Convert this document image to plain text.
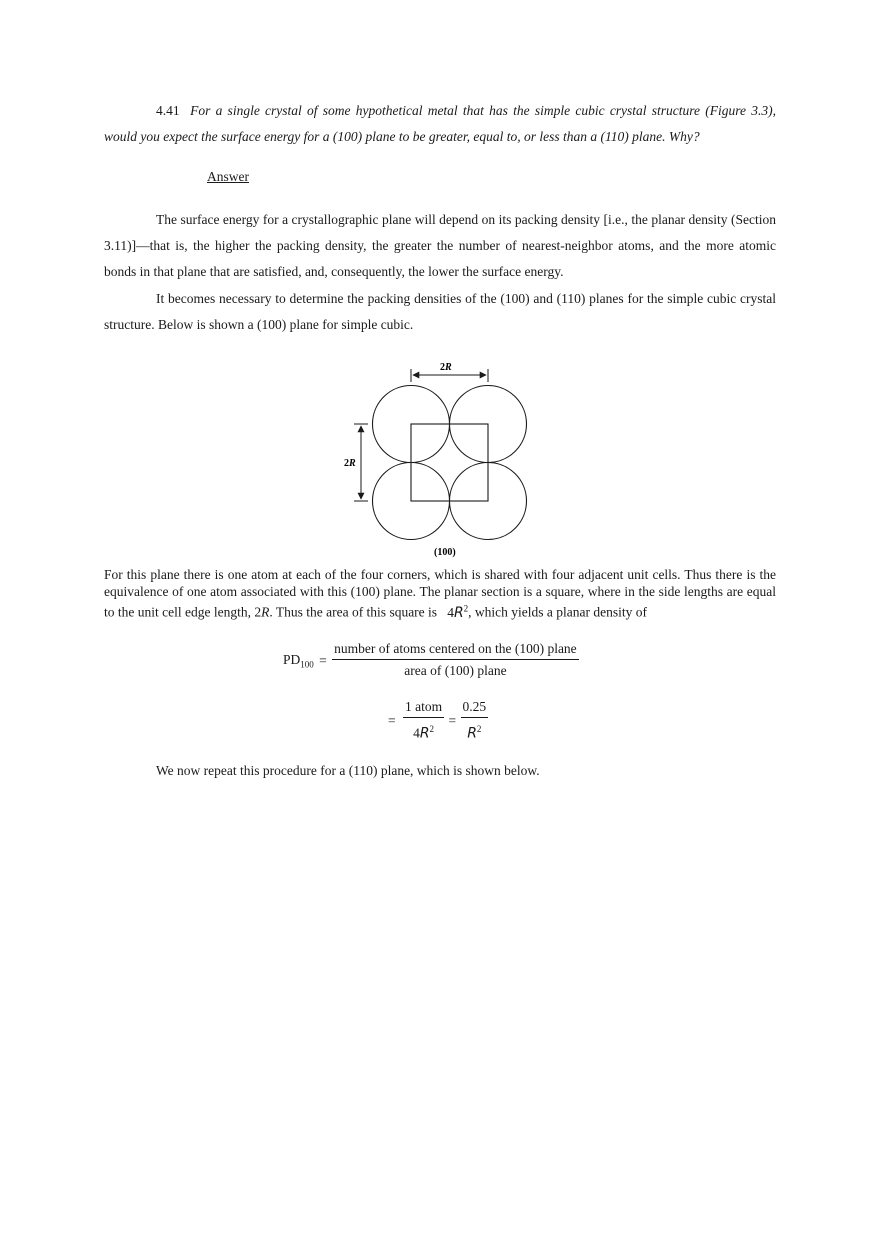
4.41 For a single crystal of some hypothetical metal that has the simple cubic crystal structure (Figure 3.3), would you expect the surface energy for a (100) plane to be greater, equal to, or less than a (110) plane. Why?

Answer

The surface energy for a crystallographic plane will depend on its packing density [i.e., the planar density (Section 3.11)]—that is, the higher the packing density, the greater the number of nearest-neighbor atoms, and the more atomic bonds in that plane that are satisfied, and, consequently, the lower the surface energy.

It becomes necessary to determine the packing densities of the (100) and (110) planes for the simple cubic crystal structure. Below is shown a (100) plane for simple cubic.

2R
2R
(100)

For this plane there is one atom at each of the four corners, which is shared with four adjacent unit cells. Thus there is the equivalence of one atom associated with this (100) plane. The planar section is a square, where in the side lengths are equal to the unit cell edge length, 2R. Thus the area of this square is $4R^2$, which yields a planar density of

$PD_{100} = \frac{\text{number of atoms centered on the (100) plane}}{\text{area of (100) plane}}$
= $\frac{\text{1 atom}}{4R^2} = \frac{0.25}{R^2}$

We now repeat this procedure for a (110) plane, which is shown below.
